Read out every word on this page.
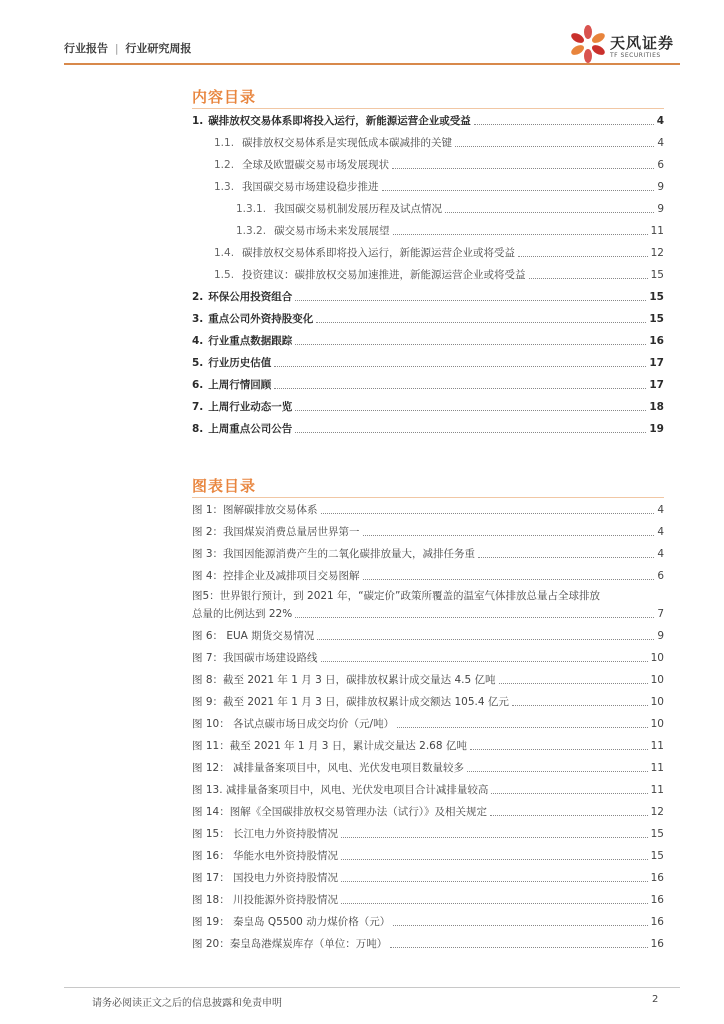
行业报告 | 行业研究周报	天风证券
TF SECURITIES
内容目录
1. 碳排放权交易体系即将投入运行，新能源运营企业或受益	4
1.1. 碳排放权交易体系是实现低成本碳减排的关键	4
1.2. 全球及欧盟碳交易市场发展现状	6
1.3. 我国碳交易市场建设稳步推进	9
1.3.1. 我国碳交易机制发展历程及试点情况	9
1.3.2. 碳交易市场未来发展展望	11
1.4. 碳排放权交易体系即将投入运行，新能源运营企业或将受益	12
1.5. 投资建议：碳排放权交易加速推进，新能源运营企业或将受益	15
2. 环保公用投资组合	15
3. 重点公司外资持股变化	15
4. 行业重点数据跟踪	16
5. 行业历史估值	17
6. 上周行情回顾	17
7. 上周行业动态一览	18
8. 上周重点公司公告	19
图表目录
图 1：图解碳排放交易体系	4
图 2：我国煤炭消费总量居世界第一	4
图 3：我国因能源消费产生的二氧化碳排放量大，减排任务重	4
图 4：控排企业及减排项目交易图解	6
图5：世界银行预计，到 2021 年，“碳定价”政策所覆盖的温室气体排放总量占全球排放
总量的比例达到 22%	7
图 6： EUA 期货交易情况	9
图 7：我国碳市场建设路线	10
图 8：截至 2021 年 1 月 3 日，碳排放权累计成交量达 4.5 亿吨	10
图 9：截至 2021 年 1 月 3 日，碳排放权累计成交额达 105.4 亿元	10
图 10： 各试点碳市场日成交均价（元/吨）	10
图 11：截至 2021 年 1 月 3 日，累计成交量达 2.68 亿吨	11
图 12： 减排量备案项目中，风电、光伏发电项目数量较多	11
图 13. 减排量备案项目中，风电、光伏发电项目合计减排量较高	11
图 14：图解《全国碳排放权交易管理办法（试行）》及相关规定	12
图 15： 长江电力外资持股情况	15
图 16： 华能水电外资持股情况	15
图 17： 国投电力外资持股情况	16
图 18： 川投能源外资持股情况	16
图 19： 秦皇岛 Q5500 动力煤价格（元）	16
图 20：秦皇岛港煤炭库存（单位：万吨）	16
请务必阅读正文之后的信息披露和免责申明	2
